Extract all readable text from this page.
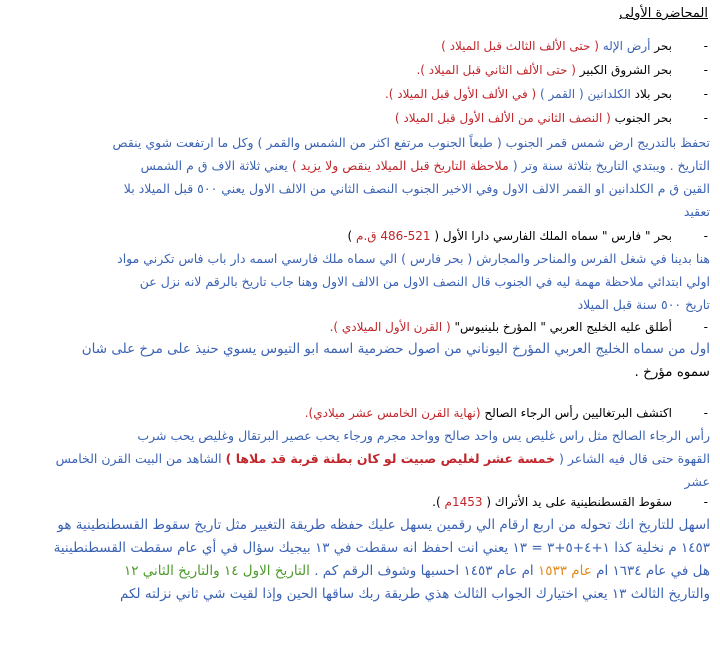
المحاضرة الأولى
-
بحر أرض الإله ( حتى الألف الثالث قبل الميلاد )
-
بحر الشروق الكبير ( حتى الألف الثاني قبل الميلاد ).
-
بحر بلاد الكلدانين ( القمر ) ( في الألف الأول قبل الميلاد ).
-
بحر الجنوب ( النصف الثاني من الألف الأول قبل الميلاد )
تحفظ بالتدريج ارض شمس قمر الجنوب ( طبعاً الجنوب مرتفع اكثر من الشمس والقمر ) وكل ما ارتفعت شوي ينقص
التاريخ . ويبتدي التاريخ بثلاثة سنة وتر ( ملاحظة التاريخ قبل الميلاد ينقص ولا يزيد ) يعني ثلاثة الاف ق م الشمس
القين ق م الكلدانين او القمر الالف الاول وفي الاخير الجنوب النصف الثاني من الالف الاول يعني ٥٠٠ قبل الميلاد بلا
تعقيد
-
بحر " فارس " سماه الملك الفارسي دارا الأول ( 521-486 ق.م )
هنا بدينا في شغل الفرس والمناحر والمجارش ( بحر فارس ) الي سماه ملك فارسي اسمه دار باب فاس تكرني مواد
اولي ابتدائي ملاحظة مهمة ليه في الجنوب قال النصف الاول من الالف الاول وهنا جاب تاريخ بالرقم لانه نزل عن
تاريخ ٥٠٠ سنة قبل الميلاد
-
أطلق عليه الخليج العربي " المؤرخ بلينيوس" ( القرن الأول الميلادي ).
اول من سماه الخليج العربي المؤرخ اليوناني من اصول حضرمية اسمه ابو التيوس يسوي حنيذ على مرخ على شان
سموه مؤرخ .
-
اكتشف البرتغاليين رأس الرجاء الصالح (نهاية القرن الخامس عشر ميلادي).
رأس الرجاء الصالح مثل راس غليص يس واحد صالح وواحد مجرم ورجاء يحب عصير البرتقال وغليص يحب شرب
القهوة حتى قال فيه الشاعر ( خمسة عشر لغليص صبيت لو كان بطنة قربة قد ملاها ) الشاهد من البيت القرن الخامس
عشر
-
سقوط القسطنطينية على يد الأتراك ( 1453م ).
اسهل للتاريخ انك تحوله من اربع ارقام الي رقمين يسهل عليك حفظه طريقة التغيير مثل تاريخ سقوط القسطنطينية هو
١٤٥٣ م نخلية كذا ١+٤+٥+٣ = ١٣ يعني انت احفظ انه سقطت في ١٣ بيجيك سؤال في أي عام سقطت القسطنطينية
هل في عام ١٦٣٤ ام عام ١٥٣٣ ام عام ١٤٥٣ احسبها وشوف الرقم كم . التاريخ الاول ١٤ والتاريخ الثاني ١٢
والتاريخ الثالث ١٣ يعني اختيارك الجواب الثالث هذي طريقة ربك ساقها الحين وإذا لقيت شي ثاني نزلته لكم
